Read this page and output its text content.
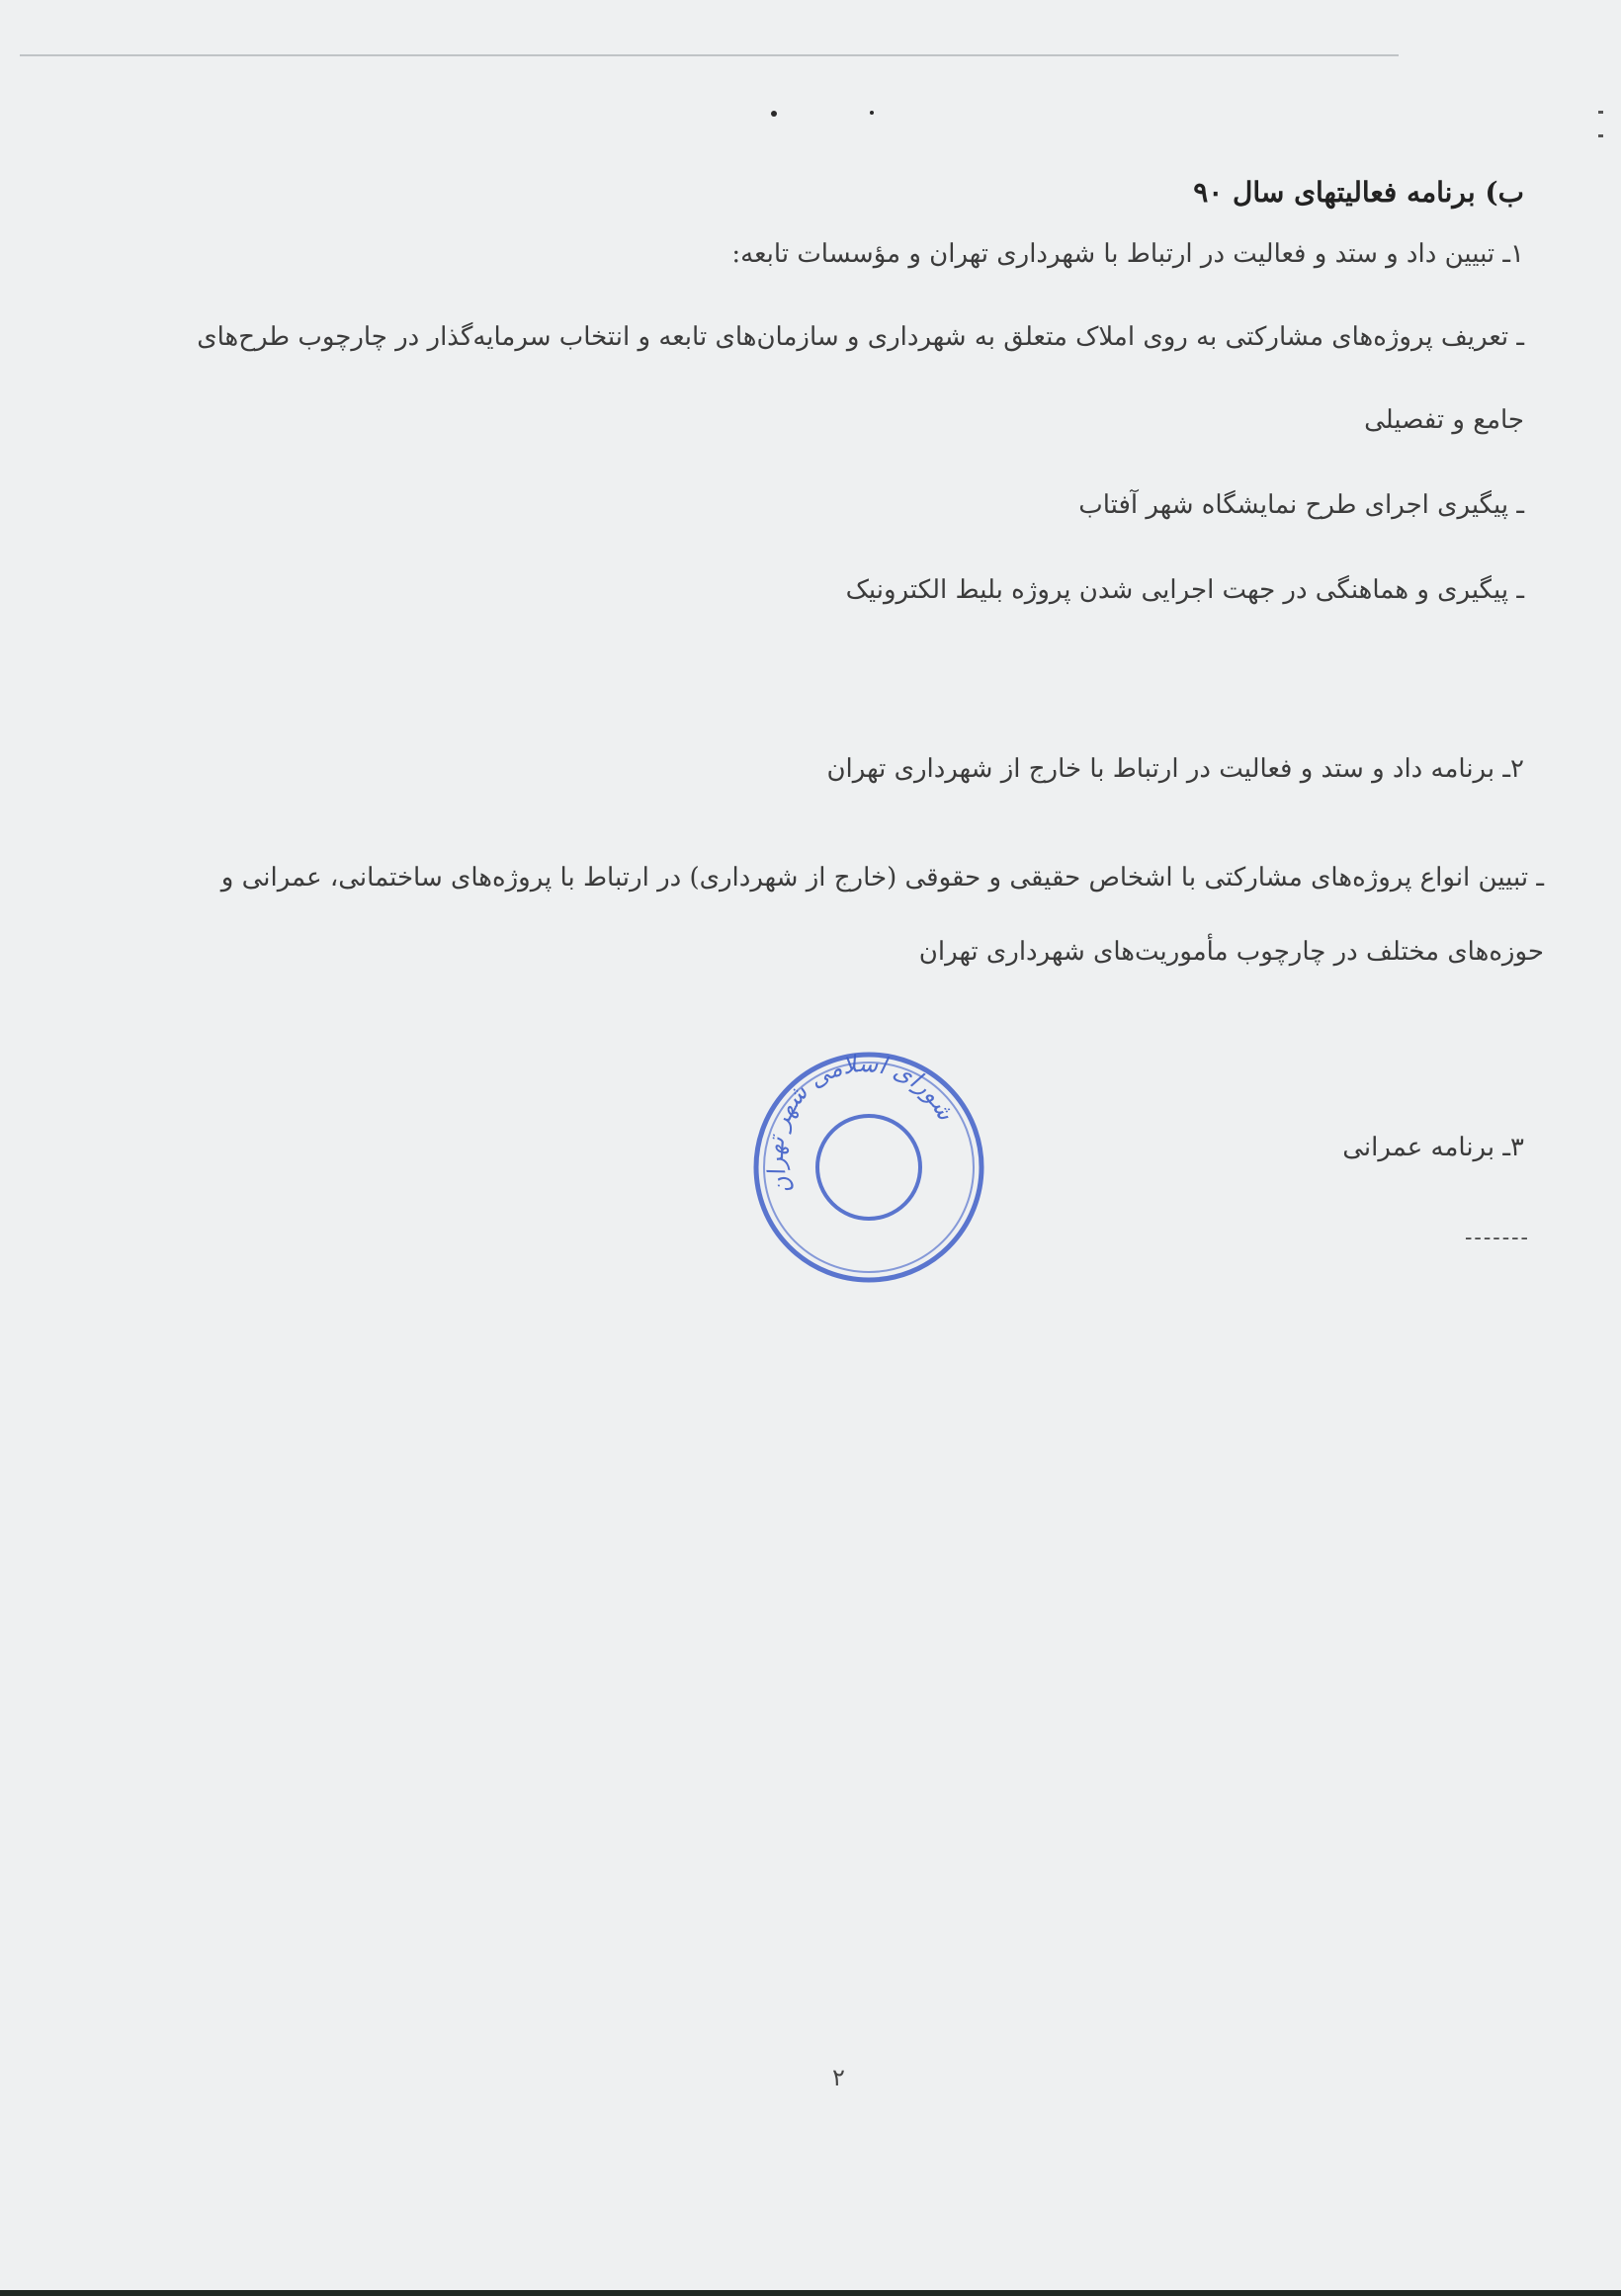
ب) برنامه فعالیتهای سال ۹۰
۱ـ تبیین داد و ستد و فعالیت در ارتباط با شهرداری تهران و مؤسسات تابعه:
ـ تعریف پروژه‌های مشارکتی به روی املاک متعلق به شهرداری و سازمان‌های تابعه و انتخاب سرمایه‌گذار در چارچوب طرح‌های
جامع و تفصیلی
ـ پیگیری اجرای طرح نمایشگاه شهر آفتاب
ـ پیگیری و هماهنگی در جهت اجرایی شدن پروژه بلیط الکترونیک
۲ـ برنامه داد و ستد و فعالیت در ارتباط با خارج از شهرداری تهران
ـ تبیین انواع پروژه‌های مشارکتی با اشخاص حقیقی و حقوقی (خارج از شهرداری) در ارتباط با پروژه‌های ساختمانی، عمرانی و
حوزه‌های مختلف در چارچوب مأموریت‌های شهرداری تهران
۳ـ برنامه عمرانی
-------
شورای اسلامی شهر تهران
۲
